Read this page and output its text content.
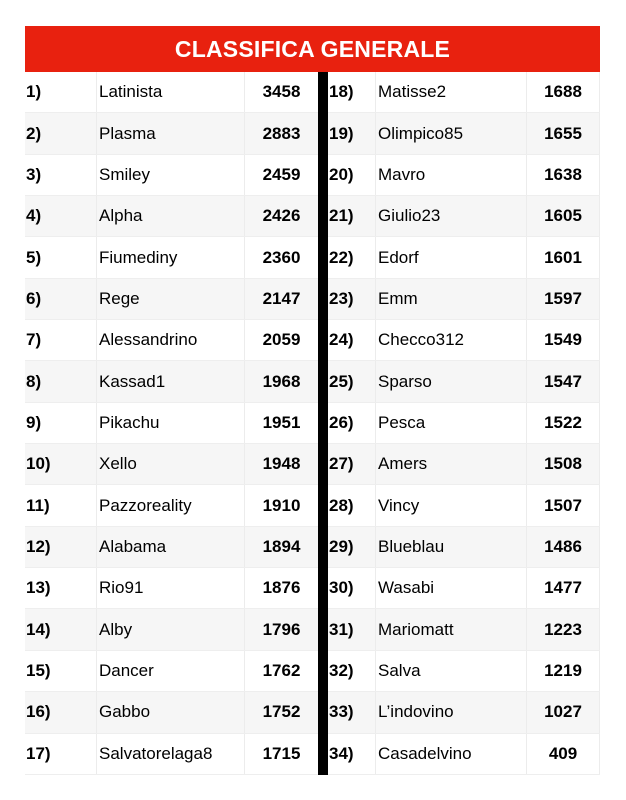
CLASSIFICA GENERALE
1)	Latinista	3458
2)	Plasma	2883
3)	Smiley	2459
4)	Alpha	2426
5)	Fiumediny	2360
6)	Rege	2147
7)	Alessandrino	2059
8)	Kassad1	1968
9)	Pikachu	1951
10)	Xello	1948
11)	Pazzoreality	1910
12)	Alabama	1894
13)	Rio91	1876
14)	Alby	1796
15)	Dancer	1762
16)	Gabbo	1752
17)	Salvatorelaga8	1715
18)	Matisse2	1688
19)	Olimpico85	1655
20)	Mavro	1638
21)	Giulio23	1605
22)	Edorf	1601
23)	Emm	1597
24)	Checco312	1549
25)	Sparso	1547
26)	Pesca	1522
27)	Amers	1508
28)	Vincy	1507
29)	Blueblau	1486
30)	Wasabi	1477
31)	Mariomatt	1223
32)	Salva	1219
33)	L’indovino	1027
34)	Casadelvino	409
